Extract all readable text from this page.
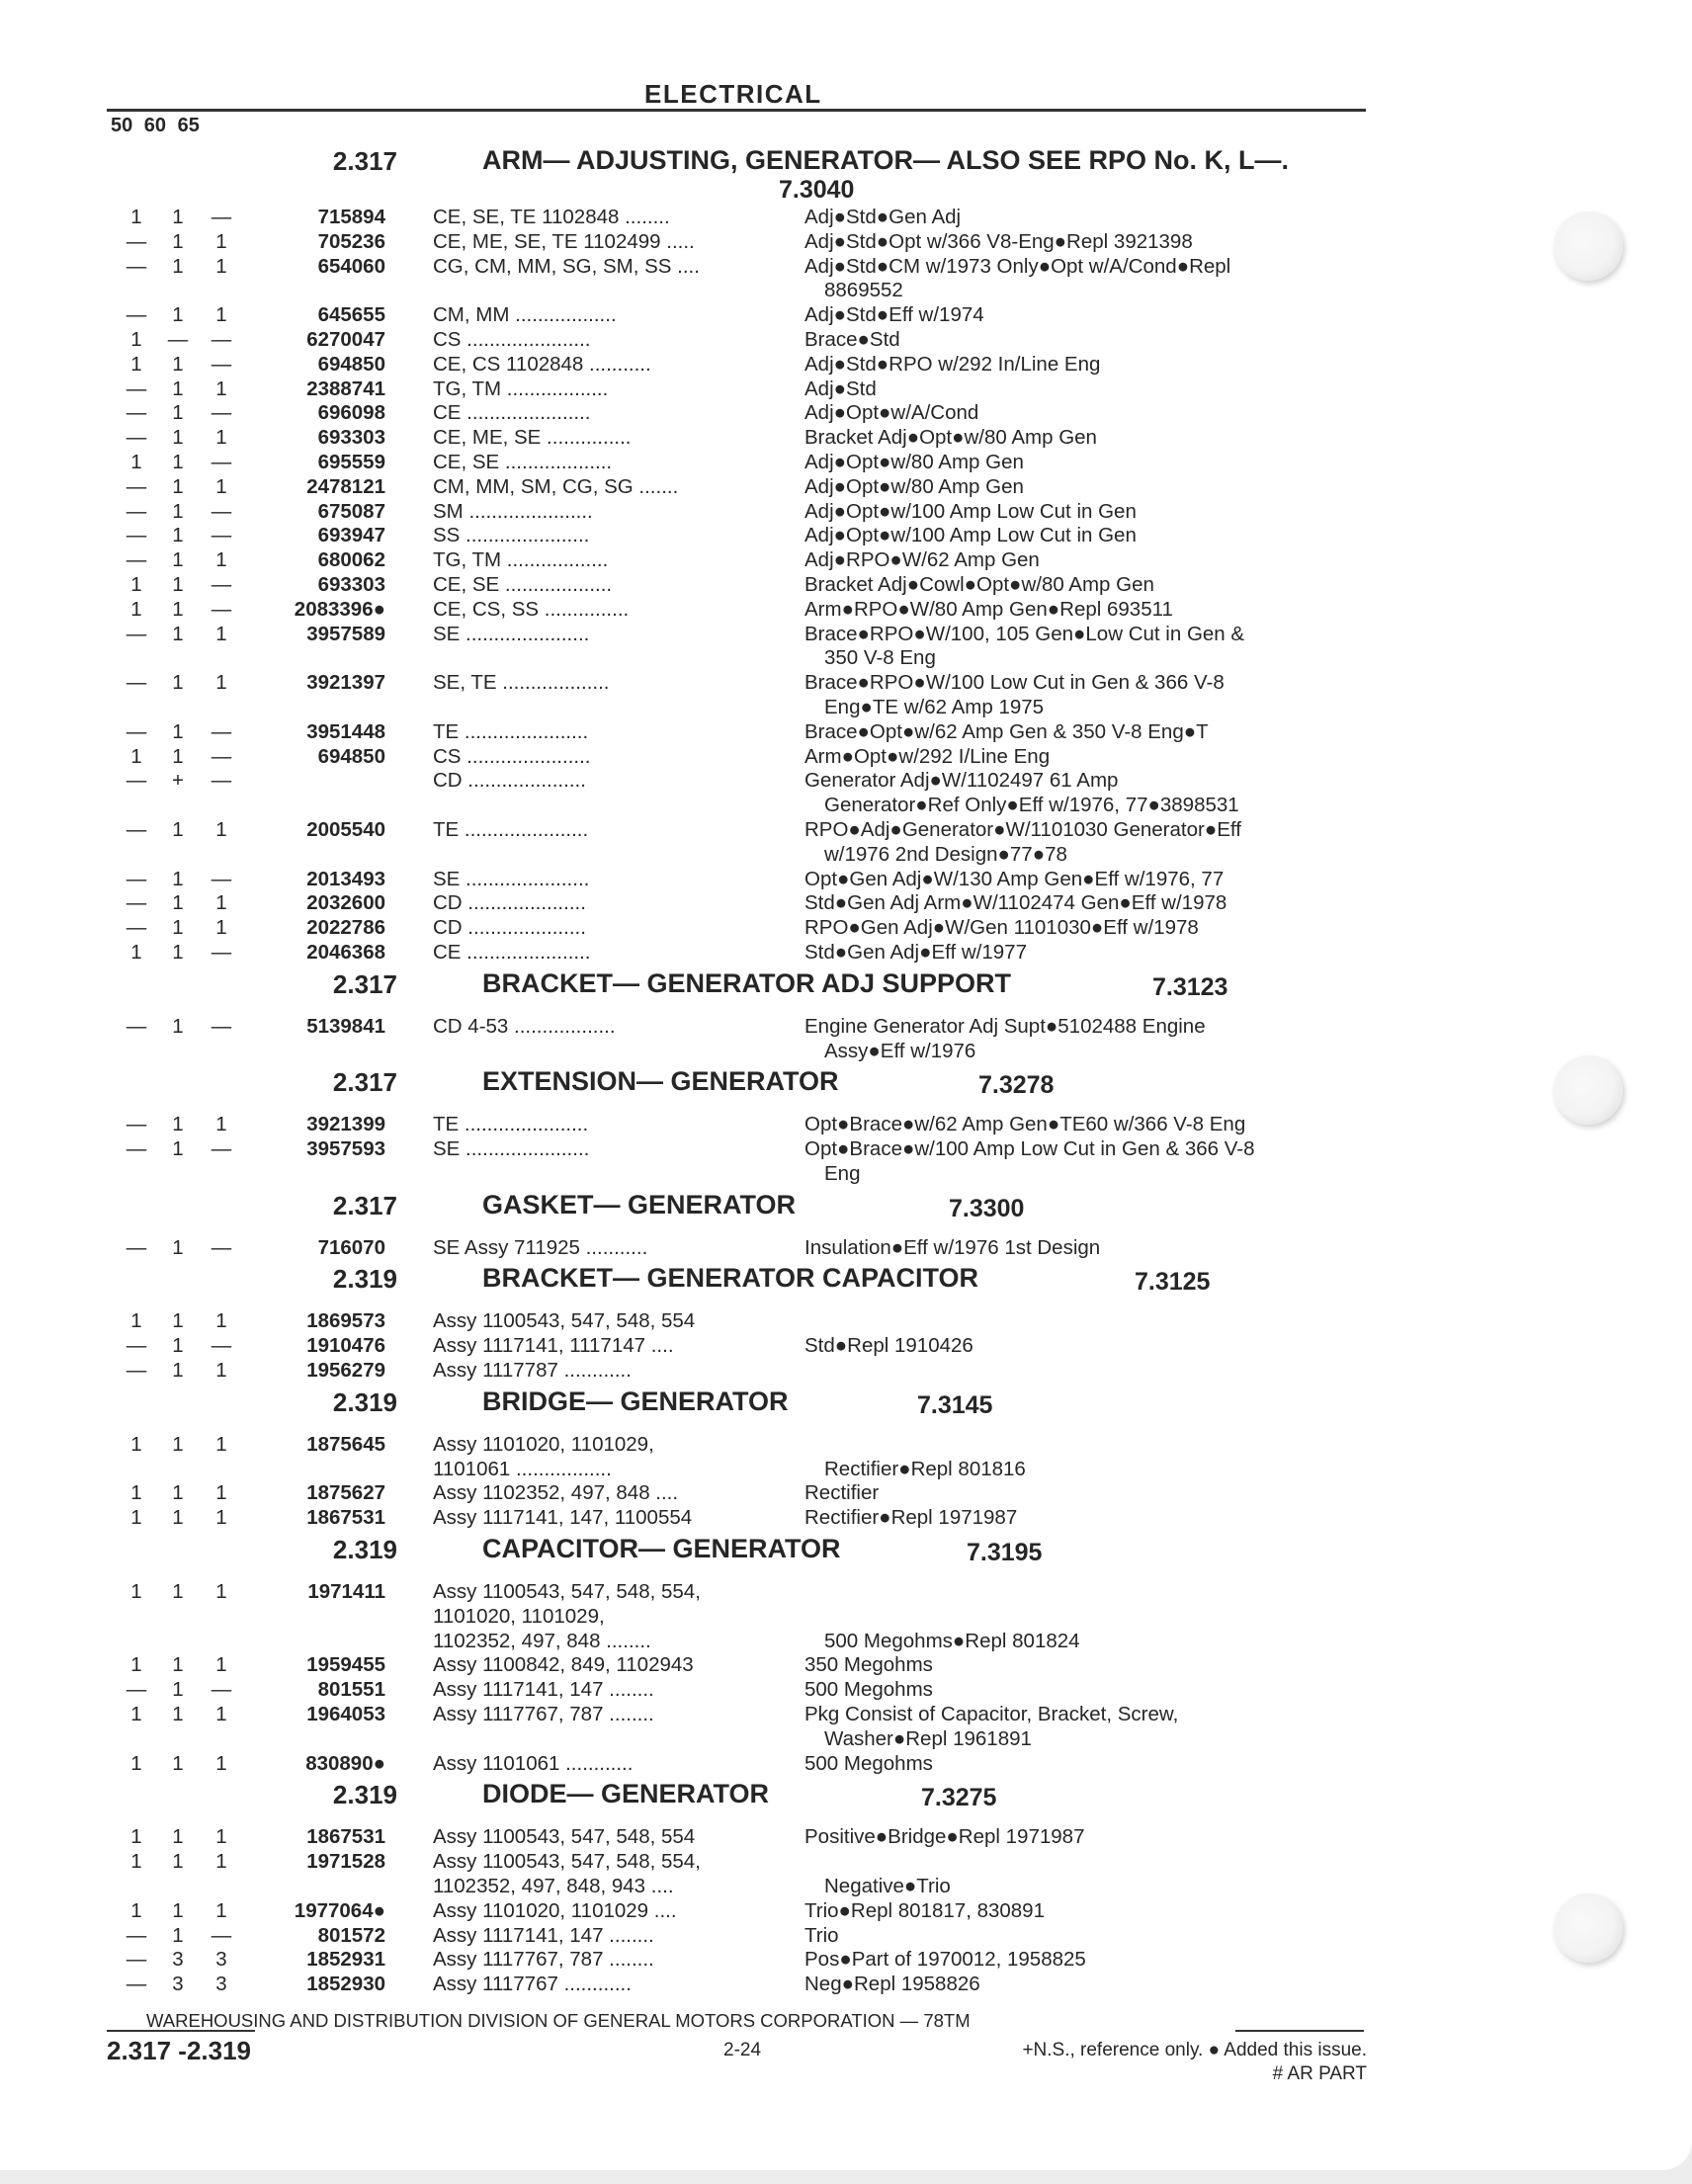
ELECTRICAL
50 60 65
2.317	ARM— ADJUSTING, GENERATOR— ALSO SEE RPO No. K, L—.
7.3040
1	1	—	715894 CE, SE, TE 1102848 ........	Adj●Std●Gen Adj
—	1	1	705236 CE, ME, SE, TE 1102499 .....	Adj●Std●Opt w/366 V8-Eng●Repl 3921398
—	1	1	654060 CG, CM, MM, SG, SM, SS ....	Adj●Std●CM w/1973 Only●Opt w/A/Cond●Repl
8869552
—	1	1	645655 CM, MM ..................	Adj●Std●Eff w/1974
1	— —	6270047 CS ......................	Brace●Std
1	1	—	694850 CE, CS 1102848 ...........	Adj●Std●RPO w/292 In/Line Eng
—	1	1	2388741 TG, TM ..................	Adj●Std
—	1	—	696098 CE ......................	Adj●Opt●w/A/Cond
—	1	1	693303 CE, ME, SE ...............	Bracket Adj●Opt●w/80 Amp Gen
1	1	—	695559 CE, SE ...................	Adj●Opt●w/80 Amp Gen
—	1	1	2478121 CM, MM, SM, CG, SG .......	Adj●Opt●w/80 Amp Gen
—	1	—	675087 SM ......................	Adj●Opt●w/100 Amp Low Cut in Gen
—	1	—	693947 SS ......................	Adj●Opt●w/100 Amp Low Cut in Gen
—	1	1	680062 TG, TM ..................	Adj●RPO●W/62 Amp Gen
1	1	—	693303 CE, SE ...................	Bracket Adj●Cowl●Opt●w/80 Amp Gen
1	1	—	2083396● CE, CS, SS ...............	Arm●RPO●W/80 Amp Gen●Repl 693511
—	1	1	3957589 SE ......................	Brace●RPO●W/100, 105 Gen●Low Cut in Gen &
350 V-8 Eng
—	1	1	3921397 SE, TE ...................	Brace●RPO●W/100 Low Cut in Gen & 366 V-8
Eng●TE w/62 Amp 1975
—	1	—	3951448 TE ......................	Brace●Opt●w/62 Amp Gen & 350 V-8 Eng●T
1	1	—	694850 CS ......................	Arm●Opt●w/292 I/Line Eng
— + —	CD .....................	Generator Adj●W/1102497 61 Amp
Generator●Ref Only●Eff w/1976, 77●3898531
—	1	1	2005540 TE ......................	RPO●Adj●Generator●W/1101030 Generator●Eff
w/1976 2nd Design●77●78
—	1	—	2013493 SE ......................	Opt●Gen Adj●W/130 Amp Gen●Eff w/1976, 77
—	1	1	2032600 CD .....................	Std●Gen Adj Arm●W/1102474 Gen●Eff w/1978
—	1	1	2022786 CD .....................	RPO●Gen Adj●W/Gen 1101030●Eff w/1978
1	1	—	2046368 CE ......................	Std●Gen Adj●Eff w/1977
2.317	BRACKET— GENERATOR ADJ SUPPORT	7.3123
—	1	—	5139841 CD 4-53 ..................	Engine Generator Adj Supt●5102488 Engine
Assy●Eff w/1976
2.317	EXTENSION— GENERATOR	7.3278
—	1	1	3921399 TE ......................	Opt●Brace●w/62 Amp Gen●TE60 w/366 V-8 Eng
—	1	—	3957593 SE ......................	Opt●Brace●w/100 Amp Low Cut in Gen & 366 V-8
Eng
2.317	GASKET— GENERATOR	7.3300
—	1	—	716070 SE Assy 711925 ...........	Insulation●Eff w/1976 1st Design
2.319	BRACKET— GENERATOR CAPACITOR	7.3125
1	1	1	1869573 Assy 1100543, 547, 548, 554
—	1	—	1910476 Assy 1117141, 1117147 ....	Std●Repl 1910426
—	1	1	1956279 Assy 1117787 ............
2.319	BRIDGE— GENERATOR	7.3145
1	1	1	1875645 Assy 1101020, 1101029,
1101061 .................	Rectifier●Repl 801816
1	1	1	1875627 Assy 1102352, 497, 848 ....	Rectifier
1	1	1	1867531 Assy 1117141, 147, 1100554	Rectifier●Repl 1971987
2.319	CAPACITOR— GENERATOR	7.3195
1	1	1	1971411 Assy 1100543, 547, 548, 554,
1101020, 1101029,
1102352, 497, 848 ........	500 Megohms●Repl 801824
1	1	1	1959455 Assy 1100842, 849, 1102943	350 Megohms
—	1	—	801551 Assy 1117141, 147 ........	500 Megohms
1	1	1	1964053 Assy 1117767, 787 ........	Pkg Consist of Capacitor, Bracket, Screw,
Washer●Repl 1961891
1	1	1	830890● Assy 1101061 ............	500 Megohms
2.319	DIODE— GENERATOR	7.3275
1	1	1	1867531 Assy 1100543, 547, 548, 554	Positive●Bridge●Repl 1971987
1	1	1	1971528 Assy 1100543, 547, 548, 554,
1102352, 497, 848, 943 ....	Negative●Trio
1	1	1	1977064● Assy 1101020, 1101029 ....	Trio●Repl 801817, 830891
—	1	—	801572 Assy 1117141, 147 ........	Trio
—	3	3	1852931 Assy 1117767, 787 ........	Pos●Part of 1970012, 1958825
—	3	3	1852930 Assy 1117767 ............	Neg●Repl 1958826
WAREHOUSING AND DISTRIBUTION DIVISION OF GENERAL MOTORS CORPORATION — 78TM
2.317 -2.319	2-24	+N.S., reference only. ● Added this issue.
# AR PART
